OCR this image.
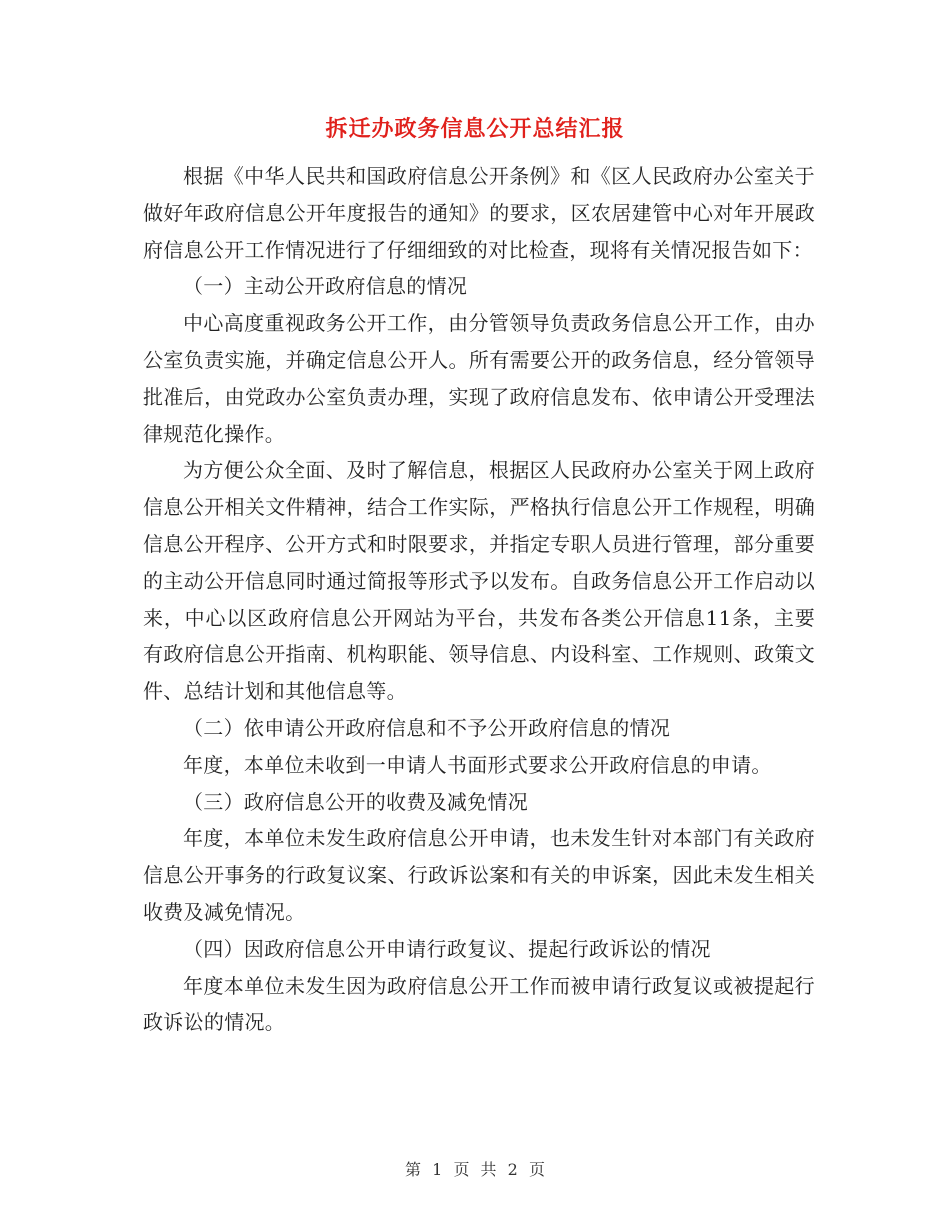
拆迁办政务信息公开总结汇报

根据《中华人民共和国政府信息公开条例》和《区人民政府办公室关于做好年政府信息公开年度报告的通知》的要求，区农居建管中心对年开展政府信息公开工作情况进行了仔细细致的对比检查，现将有关情况报告如下：

（一）主动公开政府信息的情况

中心高度重视政务公开工作，由分管领导负责政务信息公开工作，由办公室负责实施，并确定信息公开人。所有需要公开的政务信息，经分管领导批准后，由党政办公室负责办理，实现了政府信息发布、依申请公开受理法律规范化操作。

为方便公众全面、及时了解信息，根据区人民政府办公室关于网上政府信息公开相关文件精神，结合工作实际，严格执行信息公开工作规程，明确信息公开程序、公开方式和时限要求，并指定专职人员进行管理，部分重要的主动公开信息同时通过简报等形式予以发布。自政务信息公开工作启动以来，中心以区政府信息公开网站为平台，共发布各类公开信息11条，主要有政府信息公开指南、机构职能、领导信息、内设科室、工作规则、政策文件、总结计划和其他信息等。

（二）依申请公开政府信息和不予公开政府信息的情况

年度，本单位未收到一申请人书面形式要求公开政府信息的申请。

（三）政府信息公开的收费及减免情况

年度，本单位未发生政府信息公开申请，也未发生针对本部门有关政府信息公开事务的行政复议案、行政诉讼案和有关的申诉案，因此未发生相关收费及减免情况。

（四）因政府信息公开申请行政复议、提起行政诉讼的情况

年度本单位未发生因为政府信息公开工作而被申请行政复议或被提起行政诉讼的情况。

第 1 页 共 2 页
